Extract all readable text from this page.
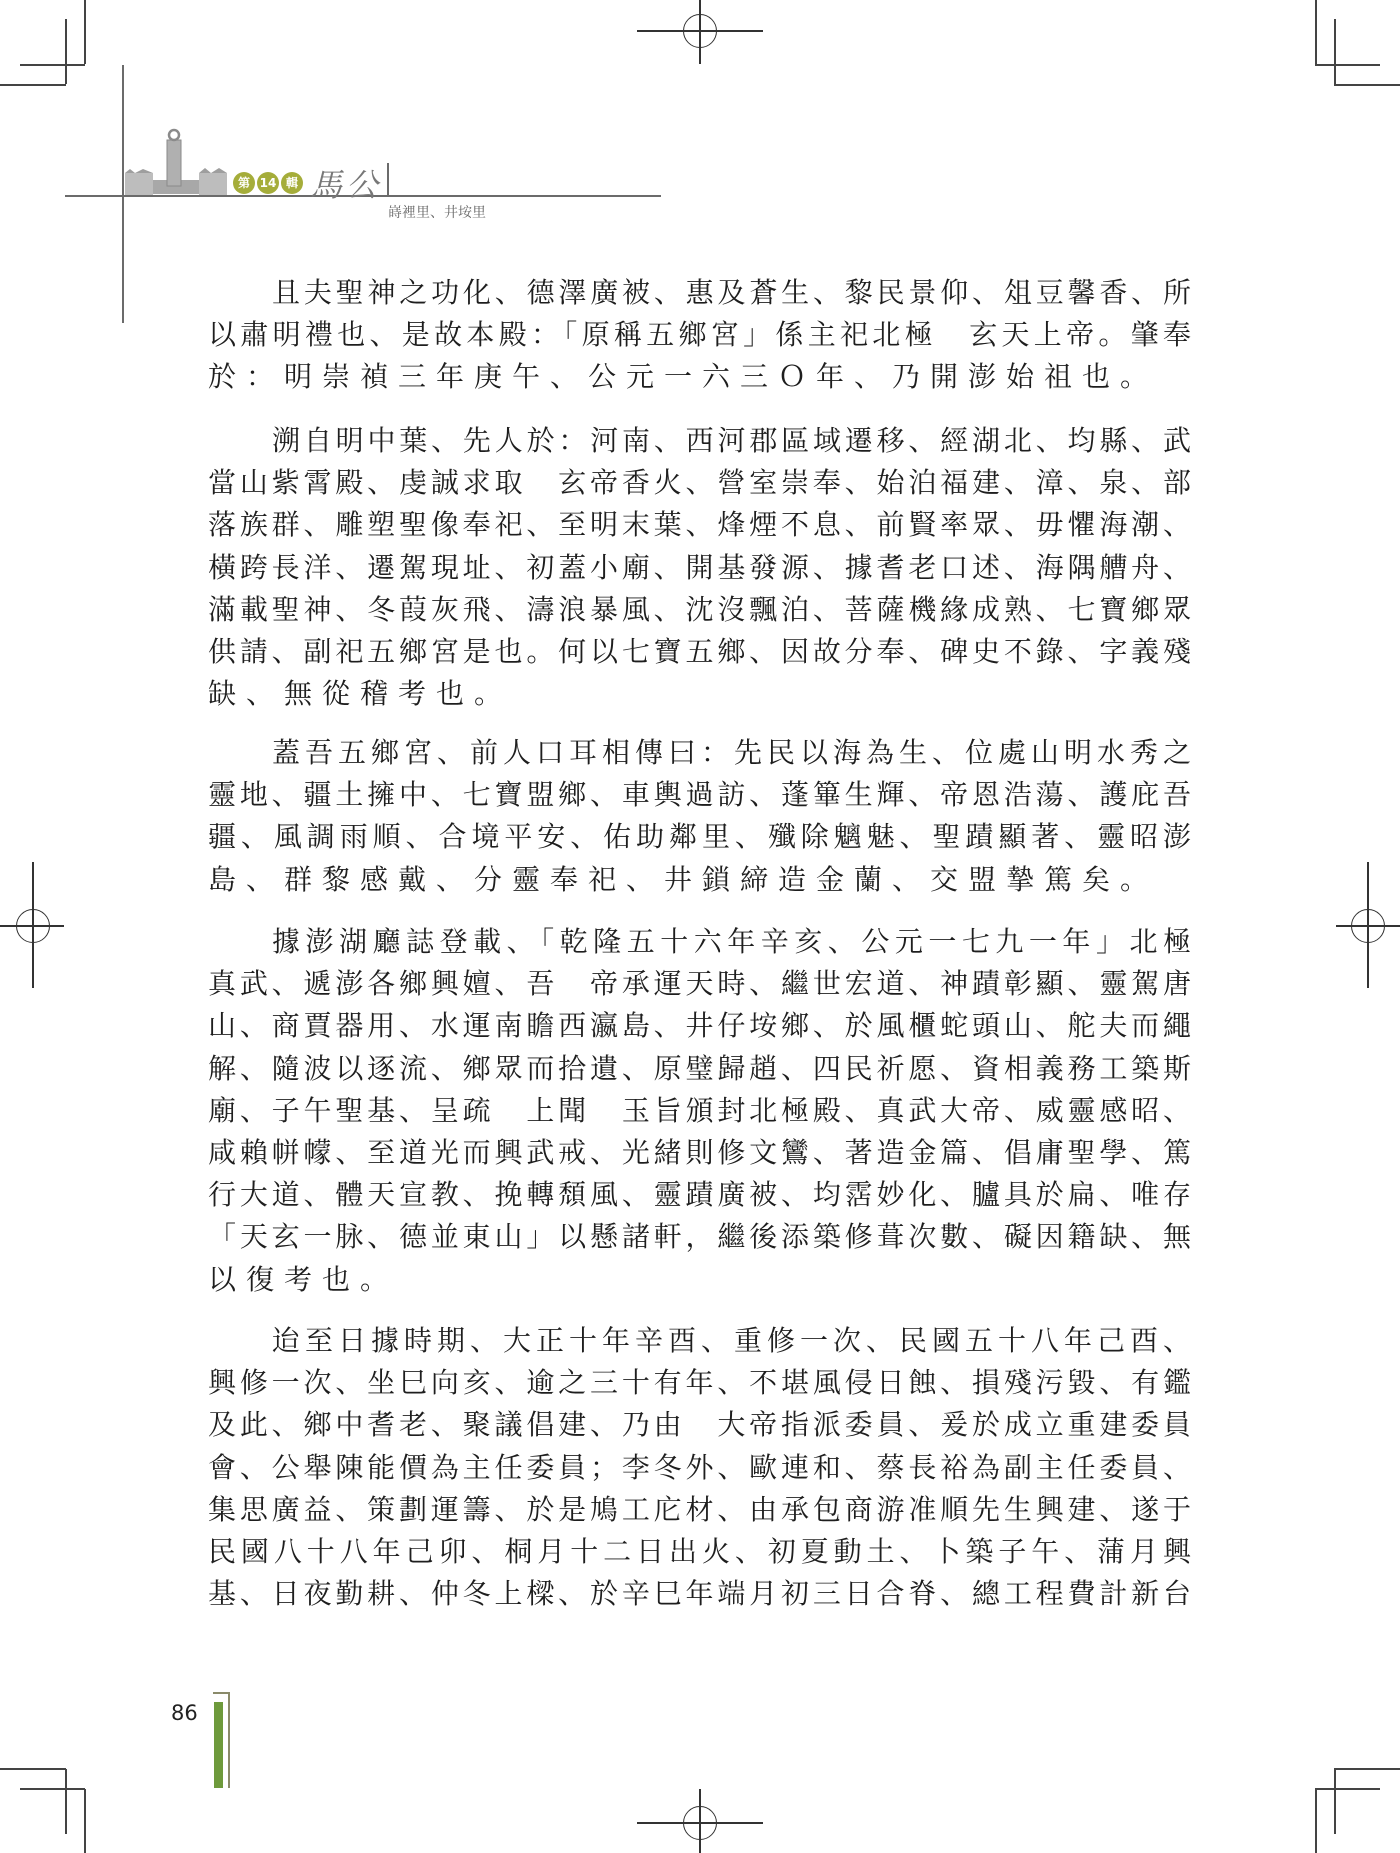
第 14 輯 馬公
嵵裡里、井垵里
且夫聖神之功化、德澤廣被、惠及蒼生、黎民景仰、俎豆馨香、所
以肅明禮也、是故本殿：「原稱五鄉宮」係主祀北極　玄天上帝。肇奉
於：明崇禎三年庚午、公元一六三Ｏ年、乃開澎始祖也。
溯自明中葉、先人於：河南、西河郡區域遷移、經湖北、均縣、武
當山紫霄殿、虔誠求取　玄帝香火、營室崇奉、始泊福建、漳、泉、部
落族群、雕塑聖像奉祀、至明末葉、烽煙不息、前賢率眾、毋懼海潮、
橫跨長洋、遷駕現址、初蓋小廟、開基發源、據耆老口述、海隅艚舟、
滿載聖神、冬葭灰飛、濤浪暴風、沈沒飄泊、菩薩機緣成熟、七寶鄉眾
供請、副祀五鄉宮是也。何以七寶五鄉、因故分奉、碑史不錄、字義殘
缺、無從稽考也。
蓋吾五鄉宮、前人口耳相傳曰：先民以海為生、位處山明水秀之
靈地、疆土擁中、七寶盟鄉、車輿過訪、蓬篳生輝、帝恩浩蕩、護庇吾
疆、風調雨順、合境平安、佑助鄰里、殲除魑魅、聖蹟顯著、靈昭澎
島、群黎感戴、分靈奉祀、井鎖締造金蘭、交盟摯篤矣。
據澎湖廳誌登載、「乾隆五十六年辛亥、公元一七九一年」北極
真武、遞澎各鄉興嬗、吾　帝承運天時、繼世宏道、神蹟彰顯、靈駕唐
山、商賈器用、水運南瞻西瀛島、井仔垵鄉、於風櫃蛇頭山、舵夫而繩
解、隨波以逐流、鄉眾而拾遺、原璧歸趙、四民祈愿、資相義務工築斯
廟、子午聖基、呈疏　上聞　玉旨頒封北極殿、真武大帝、威靈感昭、
咸賴帡幪、至道光而興武戒、光緒則修文鸞、著造金篇、倡庸聖學、篤
行大道、體天宣教、挽轉頹風、靈蹟廣被、均霑妙化、臚具於扁、唯存
「天玄一脉、德並東山」以懸諸軒，繼後添築修葺次數、礙因籍缺、無
以復考也。
迨至日據時期、大正十年辛酉、重修一次、民國五十八年己酉、
興修一次、坐巳向亥、逾之三十有年、不堪風侵日蝕、損殘污毀、有鑑
及此、鄉中耆老、聚議倡建、乃由　大帝指派委員、爰於成立重建委員
會、公舉陳能價為主任委員；李冬外、歐連和、蔡長裕為副主任委員、
集思廣益、策劃運籌、於是鳩工庀材、由承包商游准順先生興建、遂于
民國八十八年己卯、桐月十二日出火、初夏動土、卜築子午、蒲月興
基、日夜勤耕、仲冬上樑、於辛巳年端月初三日合脊、總工程費計新台
86
